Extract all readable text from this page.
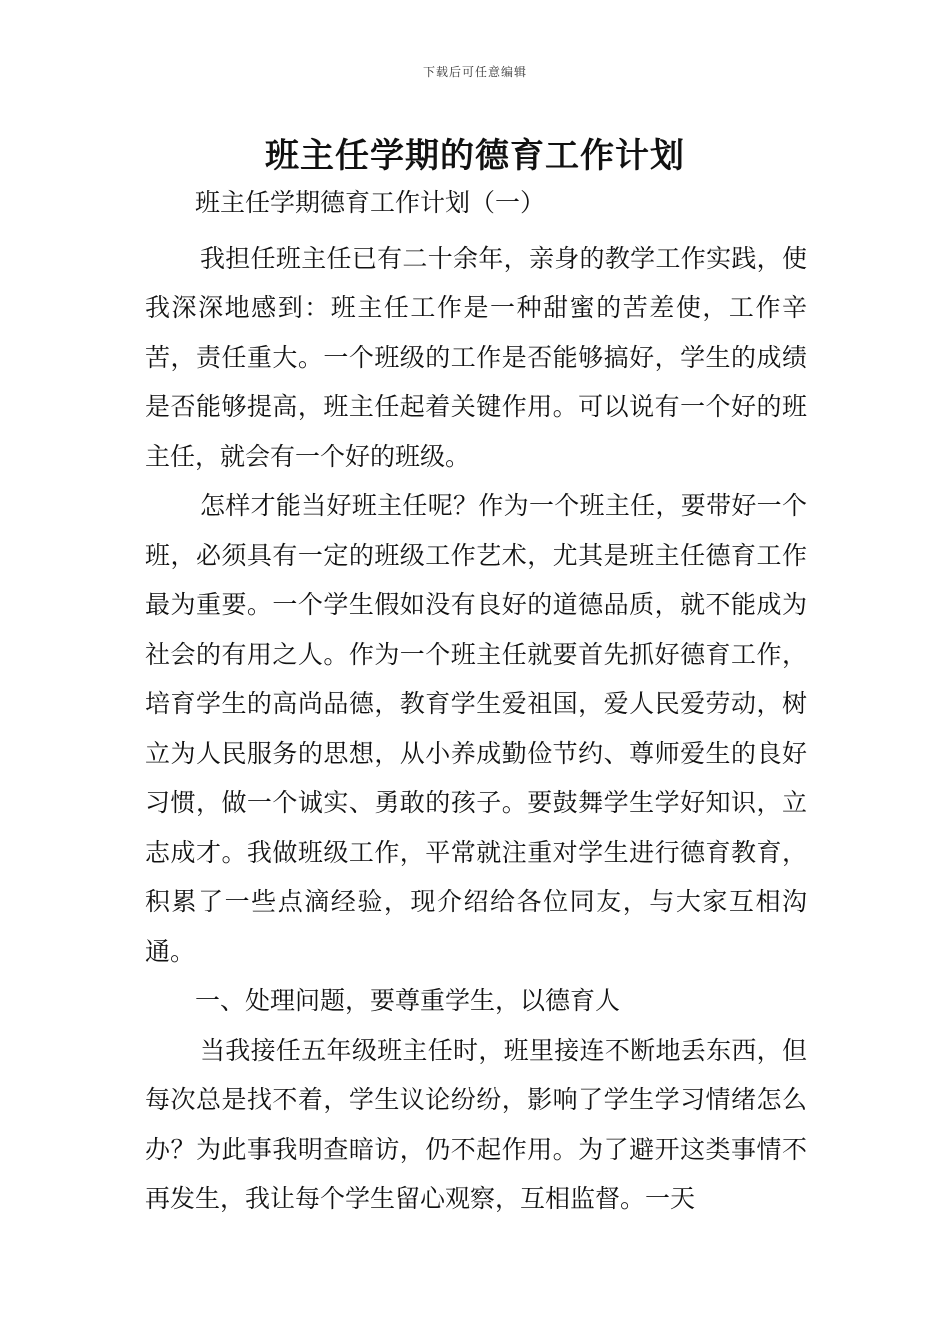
下载后可任意编辑
班主任学期的德育工作计划

班主任学期德育工作计划（一）

我担任班主任已有二十余年，亲身的教学工作实践，使我深深地感到：班主任工作是一种甜蜜的苦差使，工作辛苦，责任重大。一个班级的工作是否能够搞好，学生的成绩是否能够提高，班主任起着关键作用。可以说有一个好的班主任，就会有一个好的班级。

怎样才能当好班主任呢？作为一个班主任，要带好一个班，必须具有一定的班级工作艺术，尤其是班主任德育工作最为重要。一个学生假如没有良好的道德品质，就不能成为社会的有用之人。作为一个班主任就要首先抓好德育工作，培育学生的高尚品德，教育学生爱祖国，爱人民爱劳动，树立为人民服务的思想，从小养成勤俭节约、尊师爱生的良好习惯，做一个诚实、勇敢的孩子。要鼓舞学生学好知识，立志成才。我做班级工作，平常就注重对学生进行德育教育，积累了一些点滴经验，现介绍给各位同友，与大家互相沟通。

一、处理问题，要尊重学生，以德育人

当我接任五年级班主任时，班里接连不断地丢东西，但每次总是找不着，学生议论纷纷，影响了学生学习情绪怎么办？为此事我明查暗访，仍不起作用。为了避开这类事情不再发生，我让每个学生留心观察，互相监督。一天
